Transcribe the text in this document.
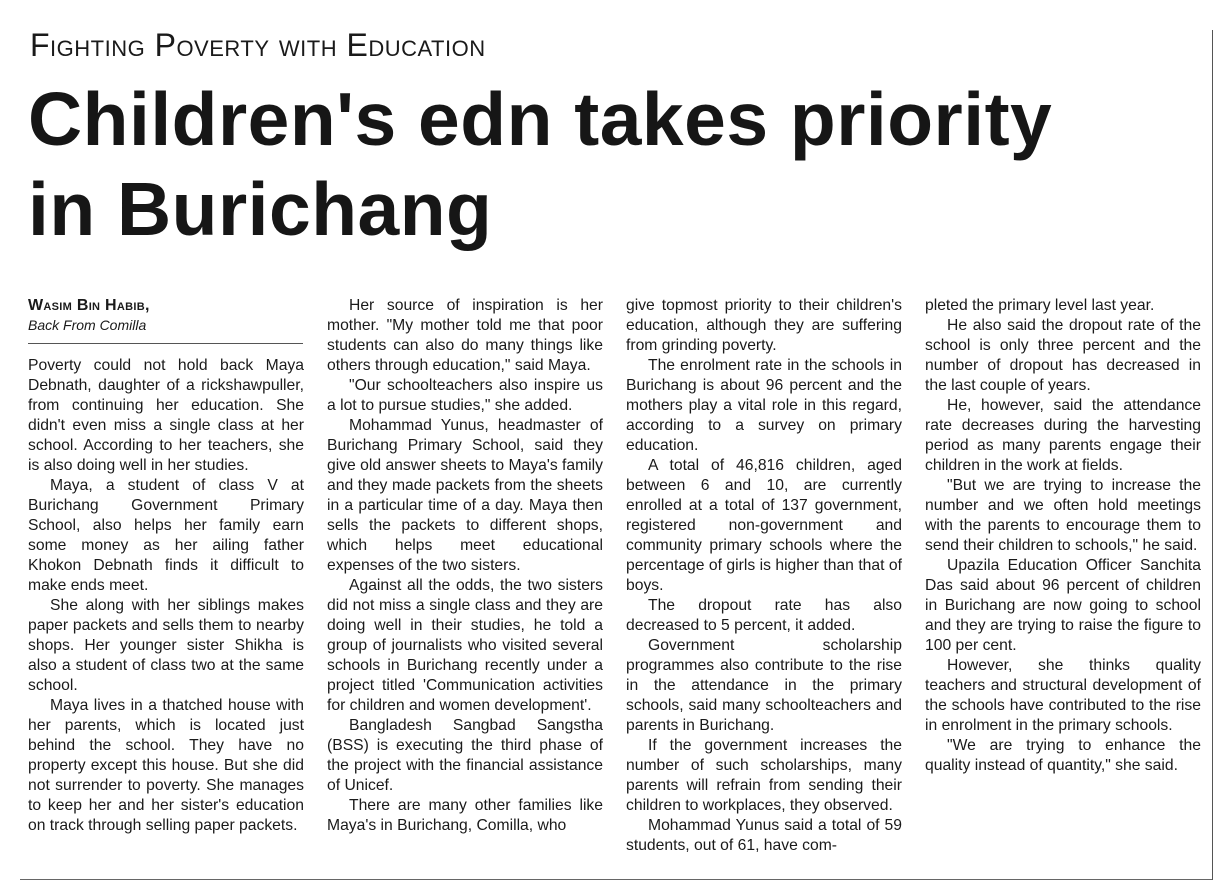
Fighting Poverty with Education
Children's edn takes priority
in Burichang
Wasim Bin Habib,
Back From Comilla

Poverty could not hold back Maya Debnath, daughter of a rickshawpuller, from continuing her education. She didn't even miss a single class at her school. According to her teachers, she is also doing well in her studies.

Maya, a student of class V at Burichang Government Primary School, also helps her family earn some money as her ailing father Khokon Debnath finds it difficult to make ends meet.

She along with her siblings makes paper packets and sells them to nearby shops. Her younger sister Shikha is also a student of class two at the same school.

Maya lives in a thatched house with her parents, which is located just behind the school. They have no property except this house. But she did not surrender to poverty. She manages to keep her and her sister's education on track through selling paper packets.

Her source of inspiration is her mother. "My mother told me that poor students can also do many things like others through education," said Maya.

"Our schoolteachers also inspire us a lot to pursue studies," she added.

Mohammad Yunus, headmaster of Burichang Primary School, said they give old answer sheets to Maya's family and they made packets from the sheets in a particular time of a day. Maya then sells the packets to different shops, which helps meet educational expenses of the two sisters.

Against all the odds, the two sisters did not miss a single class and they are doing well in their studies, he told a group of journalists who visited several schools in Burichang recently under a project titled 'Communication activities for children and women development'.

Bangladesh Sangbad Sangstha (BSS) is executing the third phase of the project with the financial assistance of Unicef.

There are many other families like Maya's in Burichang, Comilla, who

give topmost priority to their children's education, although they are suffering from grinding poverty.

The enrolment rate in the schools in Burichang is about 96 percent and the mothers play a vital role in this regard, according to a survey on primary education.

A total of 46,816 children, aged between 6 and 10, are currently enrolled at a total of 137 government, registered non-government and community primary schools where the percentage of girls is higher than that of boys.

The dropout rate has also decreased to 5 percent, it added.

Government scholarship programmes also contribute to the rise in the attendance in the primary schools, said many schoolteachers and parents in Burichang.

If the government increases the number of such scholarships, many parents will refrain from sending their children to workplaces, they observed.

Mohammad Yunus said a total of 59 students, out of 61, have com-

pleted the primary level last year.

He also said the dropout rate of the school is only three percent and the number of dropout has decreased in the last couple of years.

He, however, said the attendance rate decreases during the harvesting period as many parents engage their children in the work at fields.

"But we are trying to increase the number and we often hold meetings with the parents to encourage them to send their children to schools," he said.

Upazila Education Officer Sanchita Das said about 96 percent of children in Burichang are now going to school and they are trying to raise the figure to 100 per cent.

However, she thinks quality teachers and structural development of the schools have contributed to the rise in enrolment in the primary schools.

"We are trying to enhance the quality instead of quantity," she said.
